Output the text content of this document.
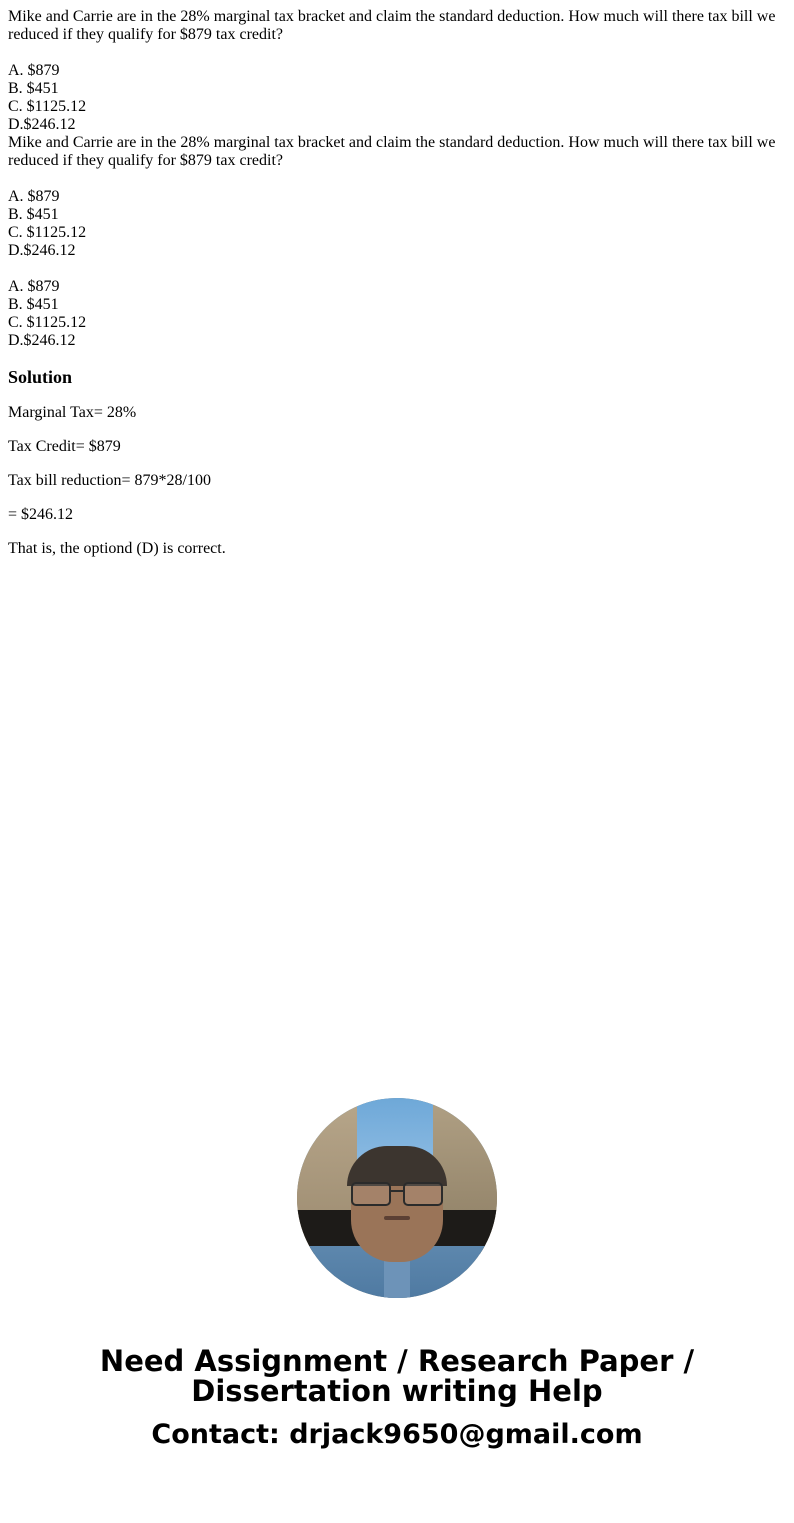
Mike and Carrie are in the 28% marginal tax bracket and claim the standard deduction. How much will there tax bill we reduced if they qualify for $879 tax credit?

A. $879
B. $451
C. $1125.12
D.$246.12

Mike and Carrie are in the 28% marginal tax bracket and claim the standard deduction. How much will there tax bill we reduced if they qualify for $879 tax credit?

A. $879
B. $451
C. $1125.12
D.$246.12
A. $879
B. $451
C. $1125.12
D.$246.12
Solution

Marginal Tax= 28%

Tax Credit= $879

Tax bill reduction= 879*28/100

= $246.12

That is, the optiond (D) is correct.

Need Assignment / Research Paper / Dissertation writing Help
Contact: drjack9650@gmail.com
